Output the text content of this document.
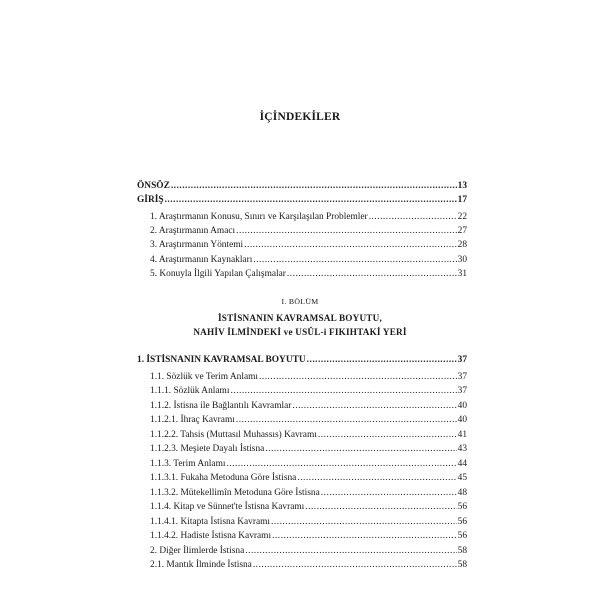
İÇİNDEKİLER
ÖNSÖZ .....	13
GİRİŞ .....	17
1. Araştırmanın Konusu, Sınırı ve Karşılaşılan Problemler .....	22
2. Araştırmanın Amacı .....	27
3. Araştırmanın Yöntemi .....	28
4. Araştırmanın Kaynakları .....	30
5. Konuyla İlgili Yapılan Çalışmalar .....	31
I. BÖLÜM
İSTİSNANIN KAVRAMSAL BOYUTU,
NAHİV İLMİNDEKİ ve USÛL-i FIKIHTAKİ YERİ
1. İSTİSNANIN KAVRAMSAL BOYUTU .....	37
1.1. Sözlük ve Terim Anlamı .....	37
1.1.1. Sözlük Anlamı .....	37
1.1.2. İstisna ile Bağlantılı Kavramlar .....	40
1.1.2.1. İhraç Kavramı .....	40
1.1.2.2. Tahsis (Muttasıl Muhassıs) Kavramı .....	41
1.1.2.3. Meşiete Dayalı İstisna .....	43
1.1.3. Terim Anlamı .....	44
1.1.3.1. Fukaha Metoduna Göre İstisna .....	45
1.1.3.2. Mütekellimîn Metoduna Göre İstisna .....	48
1.1.4. Kitap ve Sünnet'te İstisna Kavramı .....	56
1.1.4.1. Kitapta İstisna Kavramı .....	56
1.1.4.2. Hadiste İstisna Kavramı .....	56
2. Diğer İlimlerde İstisna .....	58
2.1. Mantık İlminde İstisna .....	58
